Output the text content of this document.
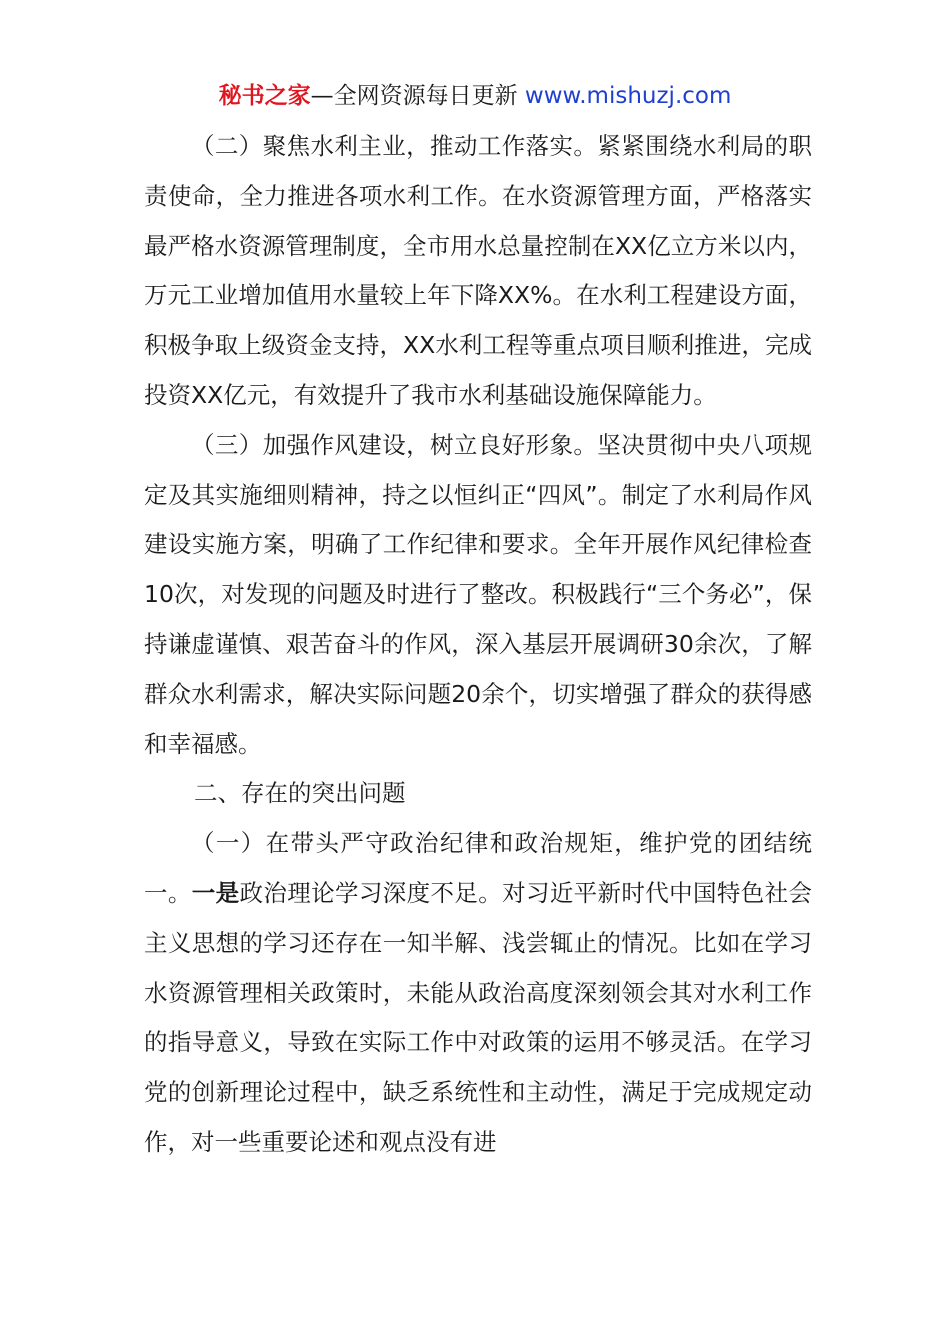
秘书之家—全网资源每日更新 www.mishuzj.com

（二）聚焦水利主业，推动工作落实。紧紧围绕水利局的职责使命，全力推进各项水利工作。在水资源管理方面，严格落实最严格水资源管理制度，全市用水总量控制在XX亿立方米以内，万元工业增加值用水量较上年下降XX%。在水利工程建设方面，积极争取上级资金支持，XX水利工程等重点项目顺利推进，完成投资XX亿元，有效提升了我市水利基础设施保障能力。

（三）加强作风建设，树立良好形象。坚决贯彻中央八项规定及其实施细则精神，持之以恒纠正“四风”。制定了水利局作风建设实施方案，明确了工作纪律和要求。全年开展作风纪律检查10次，对发现的问题及时进行了整改。积极践行“三个务必”，保持谦虚谨慎、艰苦奋斗的作风，深入基层开展调研30余次，了解群众水利需求，解决实际问题20余个，切实增强了群众的获得感和幸福感。

二、存在的突出问题

（一）在带头严守政治纪律和政治规矩，维护党的团结统一。一是政治理论学习深度不足。对习近平新时代中国特色社会主义思想的学习还存在一知半解、浅尝辄止的情况。比如在学习水资源管理相关政策时，未能从政治高度深刻领会其对水利工作的指导意义，导致在实际工作中对政策的运用不够灵活。在学习党的创新理论过程中，缺乏系统性和主动性，满足于完成规定动作，对一些重要论述和观点没有进
